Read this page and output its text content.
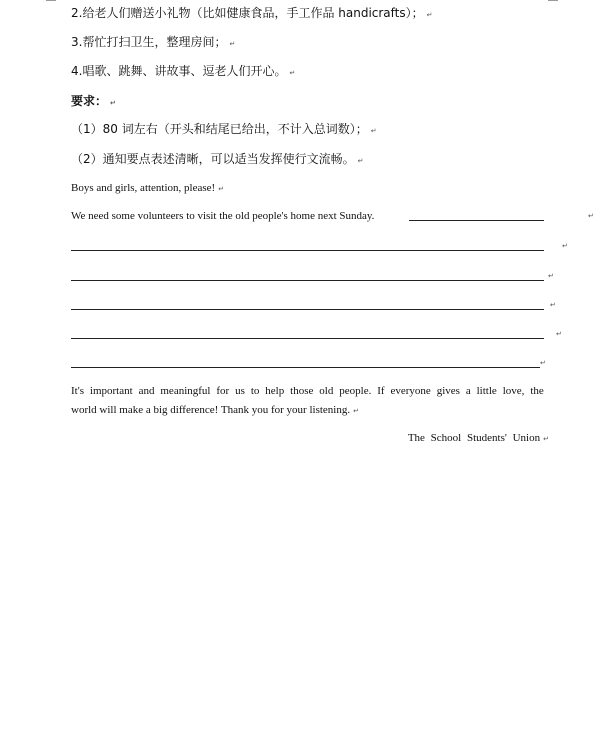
2.给老人们赠送小礼物（比如健康食品，手工作品 handicrafts）； ↵
3.帮忙打扫卫生，整理房间； ↵
4.唱歌、跳舞、讲故事、逗老人们开心。 ↵
要求： ↵
（1）80 词左右（开头和结尾已给出，不计入总词数）； ↵
（2）通知要点表述清晰，可以适当发挥使行文流畅。 ↵
Boys and girls, attention, please! ↵
We need some volunteers to visit the old people's home next Sunday.	↵
↵
↵
↵
↵
↵
It's important and meaningful for us to help those old people. If everyone gives a little love, the
world will make a big difference! Thank you for your listening. ↵
The School Students' Union ↵
